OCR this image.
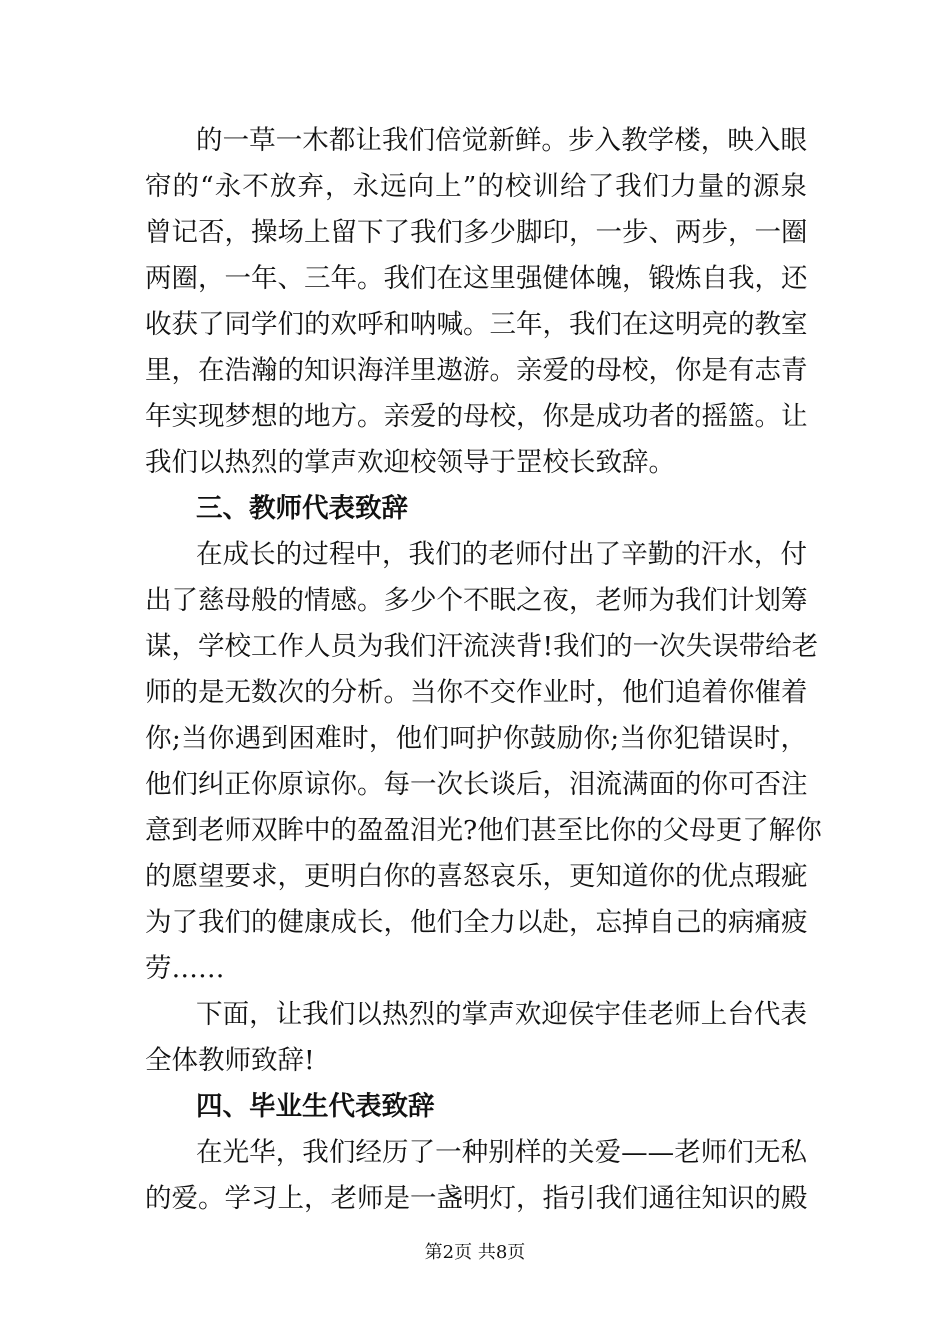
的一草一木都让我们倍觉新鲜。步入教学楼，映入眼
帘的“永不放弃，永远向上”的校训给了我们力量的源泉
曾记否，操场上留下了我们多少脚印，一步、两步，一圈
两圈，一年、三年。我们在这里强健体魄，锻炼自我，还
收获了同学们的欢呼和呐喊。三年，我们在这明亮的教室
里，在浩瀚的知识海洋里遨游。亲爱的母校，你是有志青
年实现梦想的地方。亲爱的母校，你是成功者的摇篮。让
我们以热烈的掌声欢迎校领导于罡校长致辞。
三、教师代表致辞
在成长的过程中，我们的老师付出了辛勤的汗水，付
出了慈母般的情感。多少个不眠之夜，老师为我们计划筹
谋，学校工作人员为我们汗流浃背!我们的一次失误带给老
师的是无数次的分析。当你不交作业时，他们追着你催着
你;当你遇到困难时，他们呵护你鼓励你;当你犯错误时，
他们纠正你原谅你。每一次长谈后，泪流满面的你可否注
意到老师双眸中的盈盈泪光?他们甚至比你的父母更了解你
的愿望要求，更明白你的喜怒哀乐，更知道你的优点瑕疵
为了我们的健康成长，他们全力以赴，忘掉自己的病痛疲
劳……
下面，让我们以热烈的掌声欢迎侯宇佳老师上台代表
全体教师致辞!
四、毕业生代表致辞
在光华，我们经历了一种别样的关爱——老师们无私
的爱。学习上，老师是一盏明灯，指引我们通往知识的殿
第2页 共8页
